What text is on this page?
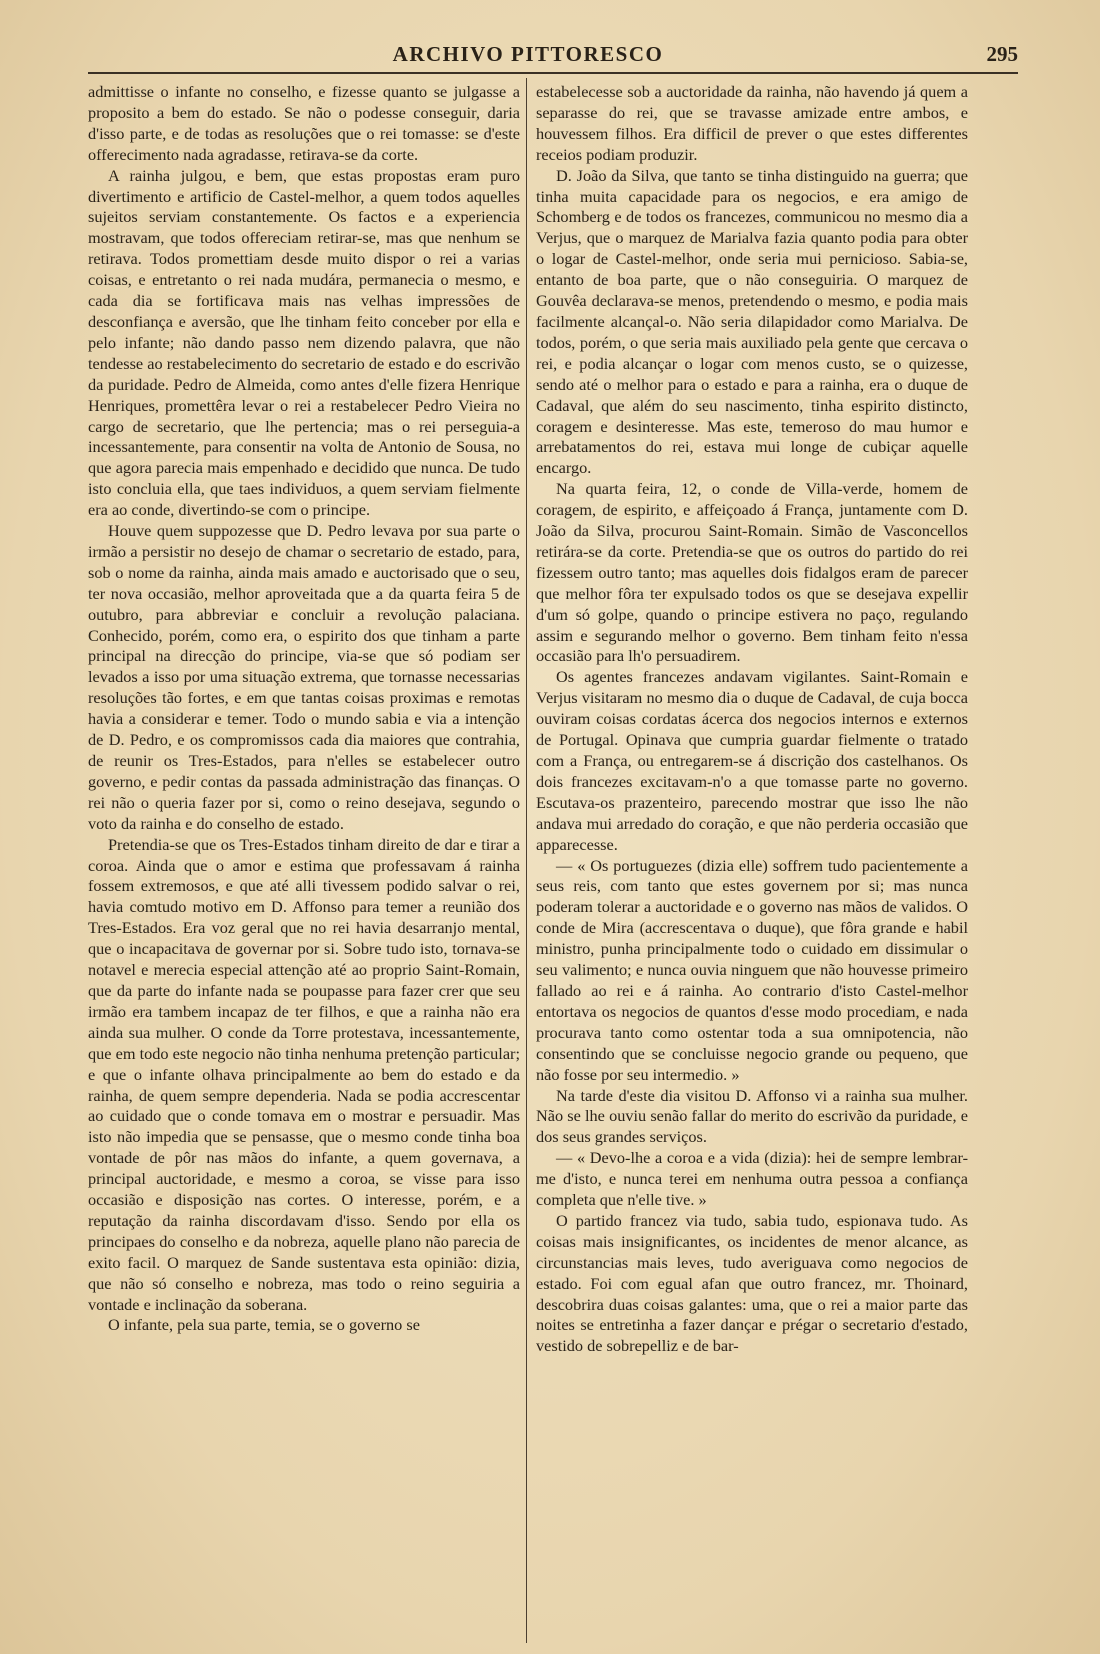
ARCHIVO PITTORESCO	295

admittisse o infante no conselho, e fizesse quanto se julgasse a proposito a bem do estado. Se não o podesse conseguir, daria d'isso parte, e de todas as resoluções que o rei tomasse: se d'este offerecimento nada agradasse, retirava-se da corte.

A rainha julgou, e bem, que estas propostas eram puro divertimento e artificio de Castel-melhor, a quem todos aquelles sujeitos serviam constantemente. Os factos e a experiencia mostravam, que todos offereciam retirar-se, mas que nenhum se retirava. Todos promettiam desde muito dispor o rei a varias coisas, e entretanto o rei nada mudára, permanecia o mesmo, e cada dia se fortificava mais nas velhas impressões de desconfiança e aversão, que lhe tinham feito conceber por ella e pelo infante; não dando passo nem dizendo palavra, que não tendesse ao restabelecimento do secretario de estado e do escrivão da puridade. Pedro de Almeida, como antes d'elle fizera Henrique Henriques, promettêra levar o rei a restabelecer Pedro Vieira no cargo de secretario, que lhe pertencia; mas o rei perseguia-a incessantemente, para consentir na volta de Antonio de Sousa, no que agora parecia mais empenhado e decidido que nunca. De tudo isto concluia ella, que taes individuos, a quem serviam fielmente era ao conde, divertindo-se com o principe.

Houve quem suppozesse que D. Pedro levava por sua parte o irmão a persistir no desejo de chamar o secretario de estado, para, sob o nome da rainha, ainda mais amado e auctorisado que o seu, ter nova occasião, melhor aproveitada que a da quarta feira 5 de outubro, para abbreviar e concluir a revolução palaciana. Conhecido, porém, como era, o espirito dos que tinham a parte principal na direcção do principe, via-se que só podiam ser levados a isso por uma situação extrema, que tornasse necessarias resoluções tão fortes, e em que tantas coisas proximas e remotas havia a considerar e temer. Todo o mundo sabia e via a intenção de D. Pedro, e os compromissos cada dia maiores que contrahia, de reunir os Tres-Estados, para n'elles se estabelecer outro governo, e pedir contas da passada administração das finanças. O rei não o queria fazer por si, como o reino desejava, segundo o voto da rainha e do conselho de estado.

Pretendia-se que os Tres-Estados tinham direito de dar e tirar a coroa. Ainda que o amor e estima que professavam á rainha fossem extremosos, e que até alli tivessem podido salvar o rei, havia comtudo motivo em D. Affonso para temer a reunião dos Tres-Estados. Era voz geral que no rei havia desarranjo mental, que o incapacitava de governar por si. Sobre tudo isto, tornava-se notavel e merecia especial attenção até ao proprio Saint-Romain, que da parte do infante nada se poupasse para fazer crer que seu irmão era tambem incapaz de ter filhos, e que a rainha não era ainda sua mulher. O conde da Torre protestava, incessantemente, que em todo este negocio não tinha nenhuma pretenção particular; e que o infante olhava principalmente ao bem do estado e da rainha, de quem sempre dependeria. Nada se podia accrescentar ao cuidado que o conde tomava em o mostrar e persuadir. Mas isto não impedia que se pensasse, que o mesmo conde tinha boa vontade de pôr nas mãos do infante, a quem governava, a principal auctoridade, e mesmo a coroa, se visse para isso occasião e disposição nas cortes. O interesse, porém, e a reputação da rainha discordavam d'isso. Sendo por ella os principaes do conselho e da nobreza, aquelle plano não parecia de exito facil. O marquez de Sande sustentava esta opinião: dizia, que não só conselho e nobreza, mas todo o reino seguiria a vontade e inclinação da soberana.

O infante, pela sua parte, temia, se o governo se

estabelecesse sob a auctoridade da rainha, não havendo já quem a separasse do rei, que se travasse amizade entre ambos, e houvessem filhos. Era difficil de prever o que estes differentes receios podiam produzir.

D. João da Silva, que tanto se tinha distinguido na guerra; que tinha muita capacidade para os negocios, e era amigo de Schomberg e de todos os francezes, communicou no mesmo dia a Verjus, que o marquez de Marialva fazia quanto podia para obter o logar de Castel-melhor, onde seria mui pernicioso. Sabia-se, entanto de boa parte, que o não conseguiria. O marquez de Gouvêa declarava-se menos, pretendendo o mesmo, e podia mais facilmente alcançal-o. Não seria dilapidador como Marialva. De todos, porém, o que seria mais auxiliado pela gente que cercava o rei, e podia alcançar o logar com menos custo, se o quizesse, sendo até o melhor para o estado e para a rainha, era o duque de Cadaval, que além do seu nascimento, tinha espirito distincto, coragem e desinteresse. Mas este, temeroso do mau humor e arrebatamentos do rei, estava mui longe de cubiçar aquelle encargo.

Na quarta feira, 12, o conde de Villa-verde, homem de coragem, de espirito, e affeiçoado á França, juntamente com D. João da Silva, procurou Saint-Romain. Simão de Vasconcellos retirára-se da corte. Pretendia-se que os outros do partido do rei fizessem outro tanto; mas aquelles dois fidalgos eram de parecer que melhor fôra ter expulsado todos os que se desejava expellir d'um só golpe, quando o principe estivera no paço, regulando assim e segurando melhor o governo. Bem tinham feito n'essa occasião para lh'o persuadirem.

Os agentes francezes andavam vigilantes. Saint-Romain e Verjus visitaram no mesmo dia o duque de Cadaval, de cuja bocca ouviram coisas cordatas ácerca dos negocios internos e externos de Portugal. Opinava que cumpria guardar fielmente o tratado com a França, ou entregarem-se á discrição dos castelhanos. Os dois francezes excitavam-n'o a que tomasse parte no governo. Escutava-os prazenteiro, parecendo mostrar que isso lhe não andava mui arredado do coração, e que não perderia occasião que apparecesse.

— « Os portuguezes (dizia elle) soffrem tudo pacientemente a seus reis, com tanto que estes governem por si; mas nunca poderam tolerar a auctoridade e o governo nas mãos de validos. O conde de Mira (accrescentava o duque), que fôra grande e habil ministro, punha principalmente todo o cuidado em dissimular o seu valimento; e nunca ouvia ninguem que não houvesse primeiro fallado ao rei e á rainha. Ao contrario d'isto Castel-melhor entortava os negocios de quantos d'esse modo procediam, e nada procurava tanto como ostentar toda a sua omnipotencia, não consentindo que se concluisse negocio grande ou pequeno, que não fosse por seu intermedio. »

Na tarde d'este dia visitou D. Affonso vi a rainha sua mulher. Não se lhe ouviu senão fallar do merito do escrivão da puridade, e dos seus grandes serviços.

— « Devo-lhe a coroa e a vida (dizia): hei de sempre lembrar-me d'isto, e nunca terei em nenhuma outra pessoa a confiança completa que n'elle tive. »

O partido francez via tudo, sabia tudo, espionava tudo. As coisas mais insignificantes, os incidentes de menor alcance, as circunstancias mais leves, tudo averiguava como negocios de estado. Foi com egual afan que outro francez, mr. Thoinard, descobrira duas coisas galantes: uma, que o rei a maior parte das noites se entretinha a fazer dançar e prégar o secretario d'estado, vestido de sobrepelliz e de bar-
